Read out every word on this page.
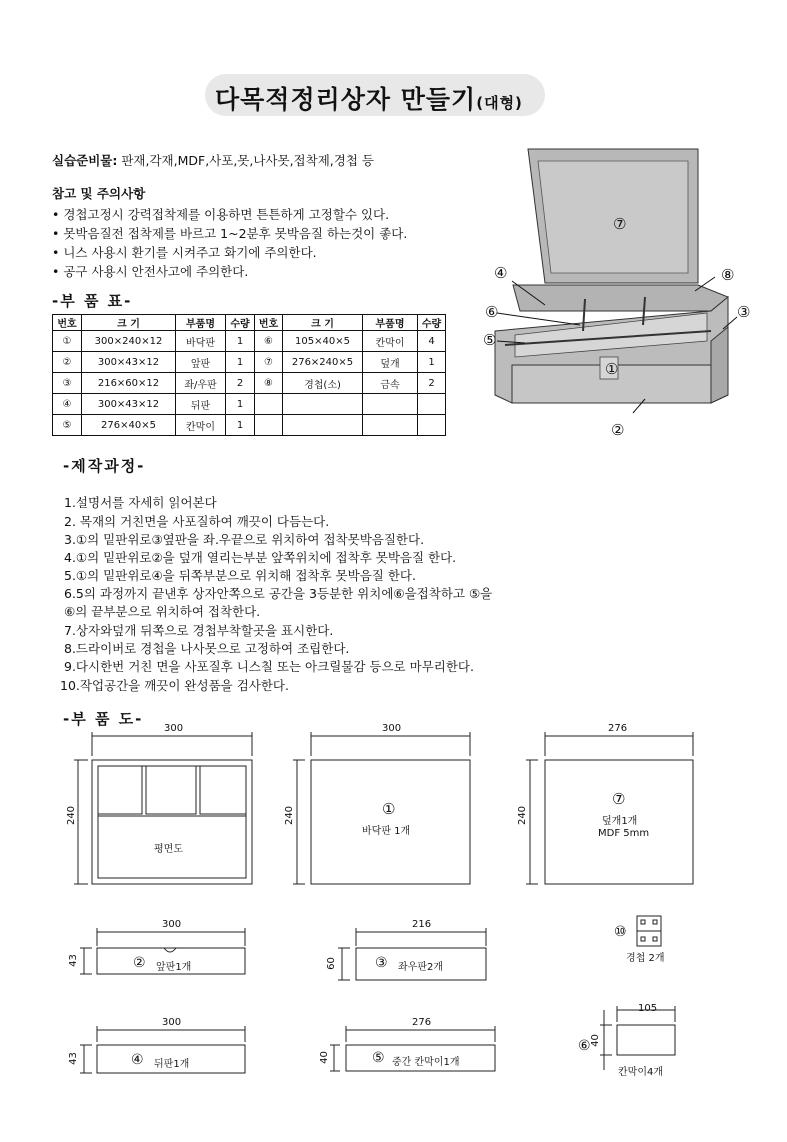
다목적정리상자 만들기(대형)
실습준비물: 판재,각재,MDF,사포,못,나사못,접착제,경첩 등
참고 및 주의사항
• 경첩고정시 강력접착제를 이용하면 튼튼하게 고정할수 있다.
• 못박음질전 접착제를 바르고 1~2분후 못박음질 하는것이 좋다.
• 니스 사용시 환기를 시켜주고 화기에 주의한다.
• 공구 사용시 안전사고에 주의한다.
-부 품 표-
번호	크 기	부품명	수량	번호	크 기	부품명	수량
①	300×240×12	바닥판	1	⑥	105×40×5	칸막이	4
②	300×43×12	앞판	1	⑦	276×240×5	덮개	1
③	216×60×12	좌/우판	2	⑧	경첩(소)	금속	2
④	300×43×12	뒤판	1				
⑤	276×40×5	칸막이	1				
⑦
④	⑧
⑥	③
⑤
①
②
-제작과정-
1.설명서를 자세히 읽어본다
2. 목재의 거친면을 사포질하여 깨끗이 다듬는다.
3.①의 밑판위로③옆판을 좌.우끝으로 위치하여 접착못박음질한다.
4.①의 밑판위로②을 덮개 열리는부분 앞쪽위치에 접착후 못박음질 한다.
5.①의 밑판위로④을 뒤쪽부분으로 위치해 접착후 못박음질 한다.
6.5의 과정까지 끝낸후 상자안쪽으로 공간을 3등분한 위치에⑥을접착하고 ⑤을
⑥의 끝부분으로 위치하여 접착한다.
7.상자와덮개 뒤쪽으로 경첩부착할곳을 표시한다.
8.드라이버로 경첩을 나사못으로 고정하여 조립한다.
9.다시한번 거친 면을 사포질후 니스칠 또는 아크릴물감 등으로 마무리한다.
10.작업공간을 깨끗이 완성품을 검사한다.
-부 품 도-
300
240
평면도
300
240	①
바닥판 1개
276
240
⑦
덮개1개
MDF 5mm
300
43	② 앞판1개
216
60	③ 좌우판2개
⑩
경첩 2개
300
43	④ 뒤판1개
276
40	⑤ 중간 칸막이1개
105
40
⑥
칸막이4개
